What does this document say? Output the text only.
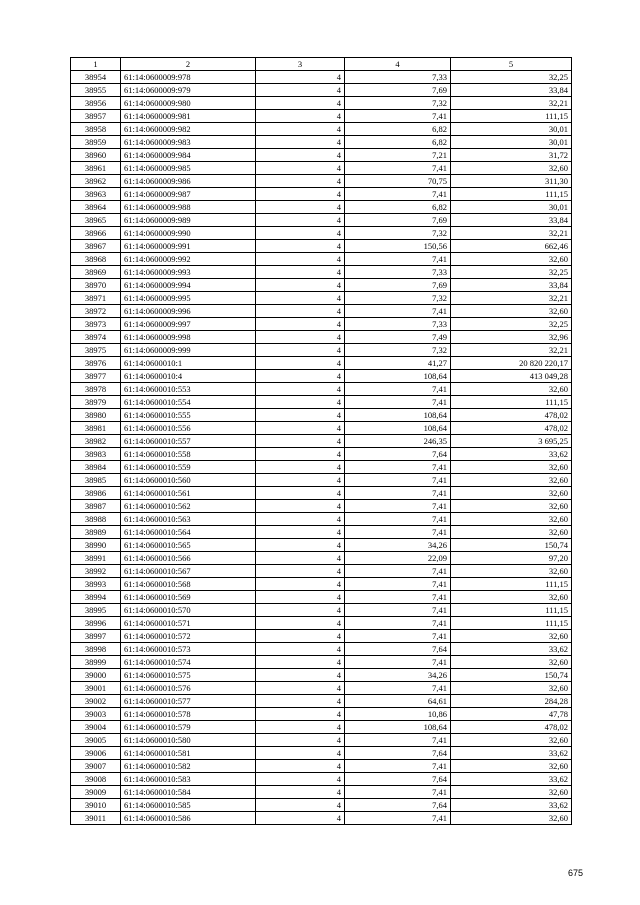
1	2	3	4	5
38954	61:14:0600009:978	4	7,33	32,25
38955	61:14:0600009:979	4	7,69	33,84
38956	61:14:0600009:980	4	7,32	32,21
38957	61:14:0600009:981	4	7,41	111,15
38958	61:14:0600009:982	4	6,82	30,01
38959	61:14:0600009:983	4	6,82	30,01
38960	61:14:0600009:984	4	7,21	31,72
38961	61:14:0600009:985	4	7,41	32,60
38962	61:14:0600009:986	4	70,75	311,30
38963	61:14:0600009:987	4	7,41	111,15
38964	61:14:0600009:988	4	6,82	30,01
38965	61:14:0600009:989	4	7,69	33,84
38966	61:14:0600009:990	4	7,32	32,21
38967	61:14:0600009:991	4	150,56	662,46
38968	61:14:0600009:992	4	7,41	32,60
38969	61:14:0600009:993	4	7,33	32,25
38970	61:14:0600009:994	4	7,69	33,84
38971	61:14:0600009:995	4	7,32	32,21
38972	61:14:0600009:996	4	7,41	32,60
38973	61:14:0600009:997	4	7,33	32,25
38974	61:14:0600009:998	4	7,49	32,96
38975	61:14:0600009:999	4	7,32	32,21
38976	61:14:0600010:1	4	41,27	20 820 220,17
38977	61:14:0600010:4	4	108,64	413 049,28
38978	61:14:0600010:553	4	7,41	32,60
38979	61:14:0600010:554	4	7,41	111,15
38980	61:14:0600010:555	4	108,64	478,02
38981	61:14:0600010:556	4	108,64	478,02
38982	61:14:0600010:557	4	246,35	3 695,25
38983	61:14:0600010:558	4	7,64	33,62
38984	61:14:0600010:559	4	7,41	32,60
38985	61:14:0600010:560	4	7,41	32,60
38986	61:14:0600010:561	4	7,41	32,60
38987	61:14:0600010:562	4	7,41	32,60
38988	61:14:0600010:563	4	7,41	32,60
38989	61:14:0600010:564	4	7,41	32,60
38990	61:14:0600010:565	4	34,26	150,74
38991	61:14:0600010:566	4	22,09	97,20
38992	61:14:0600010:567	4	7,41	32,60
38993	61:14:0600010:568	4	7,41	111,15
38994	61:14:0600010:569	4	7,41	32,60
38995	61:14:0600010:570	4	7,41	111,15
38996	61:14:0600010:571	4	7,41	111,15
38997	61:14:0600010:572	4	7,41	32,60
38998	61:14:0600010:573	4	7,64	33,62
38999	61:14:0600010:574	4	7,41	32,60
39000	61:14:0600010:575	4	34,26	150,74
39001	61:14:0600010:576	4	7,41	32,60
39002	61:14:0600010:577	4	64,61	284,28
39003	61:14:0600010:578	4	10,86	47,78
39004	61:14:0600010:579	4	108,64	478,02
39005	61:14:0600010:580	4	7,41	32,60
39006	61:14:0600010:581	4	7,64	33,62
39007	61:14:0600010:582	4	7,41	32,60
39008	61:14:0600010:583	4	7,64	33,62
39009	61:14:0600010:584	4	7,41	32,60
39010	61:14:0600010:585	4	7,64	33,62
39011	61:14:0600010:586	4	7,41	32,60
675
